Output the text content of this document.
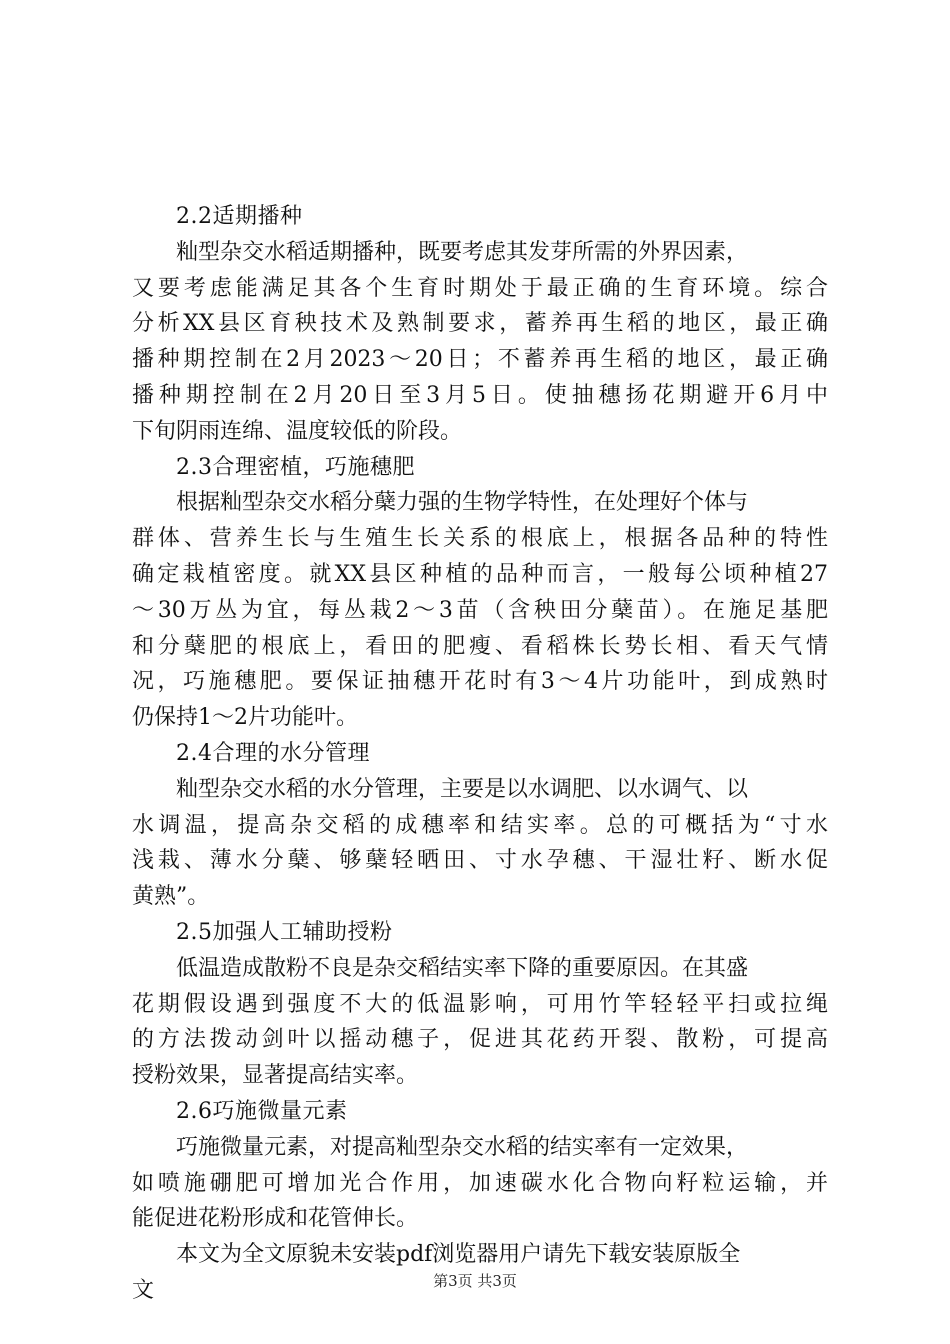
2.2适期播种

籼型杂交水稻适期播种，既要考虑其发芽所需的外界因素，

又要考虑能满足其各个生育时期处于最正确的生育环境。综合

分析XX县区育秧技术及熟制要求，蓄养再生稻的地区，最正确

播种期控制在2月2023～20日；不蓄养再生稻的地区，最正确

播种期控制在2月20日至3月5日。使抽穗扬花期避开6月中

下旬阴雨连绵、温度较低的阶段。

2.3合理密植，巧施穗肥

根据籼型杂交水稻分蘖力强的生物学特性，在处理好个体与

群体、营养生长与生殖生长关系的根底上，根据各品种的特性

确定栽植密度。就XX县区种植的品种而言，一般每公顷种植27

～30万丛为宜，每丛栽2～3苗（含秧田分蘖苗）。在施足基肥

和分蘖肥的根底上，看田的肥瘦、看稻株长势长相、看天气情

况，巧施穗肥。要保证抽穗开花时有3～4片功能叶，到成熟时

仍保持1～2片功能叶。

2.4合理的水分管理

籼型杂交水稻的水分管理，主要是以水调肥、以水调气、以

水调温，提高杂交稻的成穗率和结实率。总的可概括为“寸水

浅栽、薄水分蘖、够蘖轻晒田、寸水孕穗、干湿壮籽、断水促

黄熟”。

2.5加强人工辅助授粉

低温造成散粉不良是杂交稻结实率下降的重要原因。在其盛

花期假设遇到强度不大的低温影响，可用竹竿轻轻平扫或拉绳

的方法拨动剑叶以摇动穗子，促进其花药开裂、散粉，可提高

授粉效果，显著提高结实率。

2.6巧施微量元素

巧施微量元素，对提高籼型杂交水稻的结实率有一定效果，

如喷施硼肥可增加光合作用，加速碳水化合物向籽粒运输，并

能促进花粉形成和花管伸长。

本文为全文原貌未安装pdf浏览器用户请先下载安装原版全

文	第3页 共3页
